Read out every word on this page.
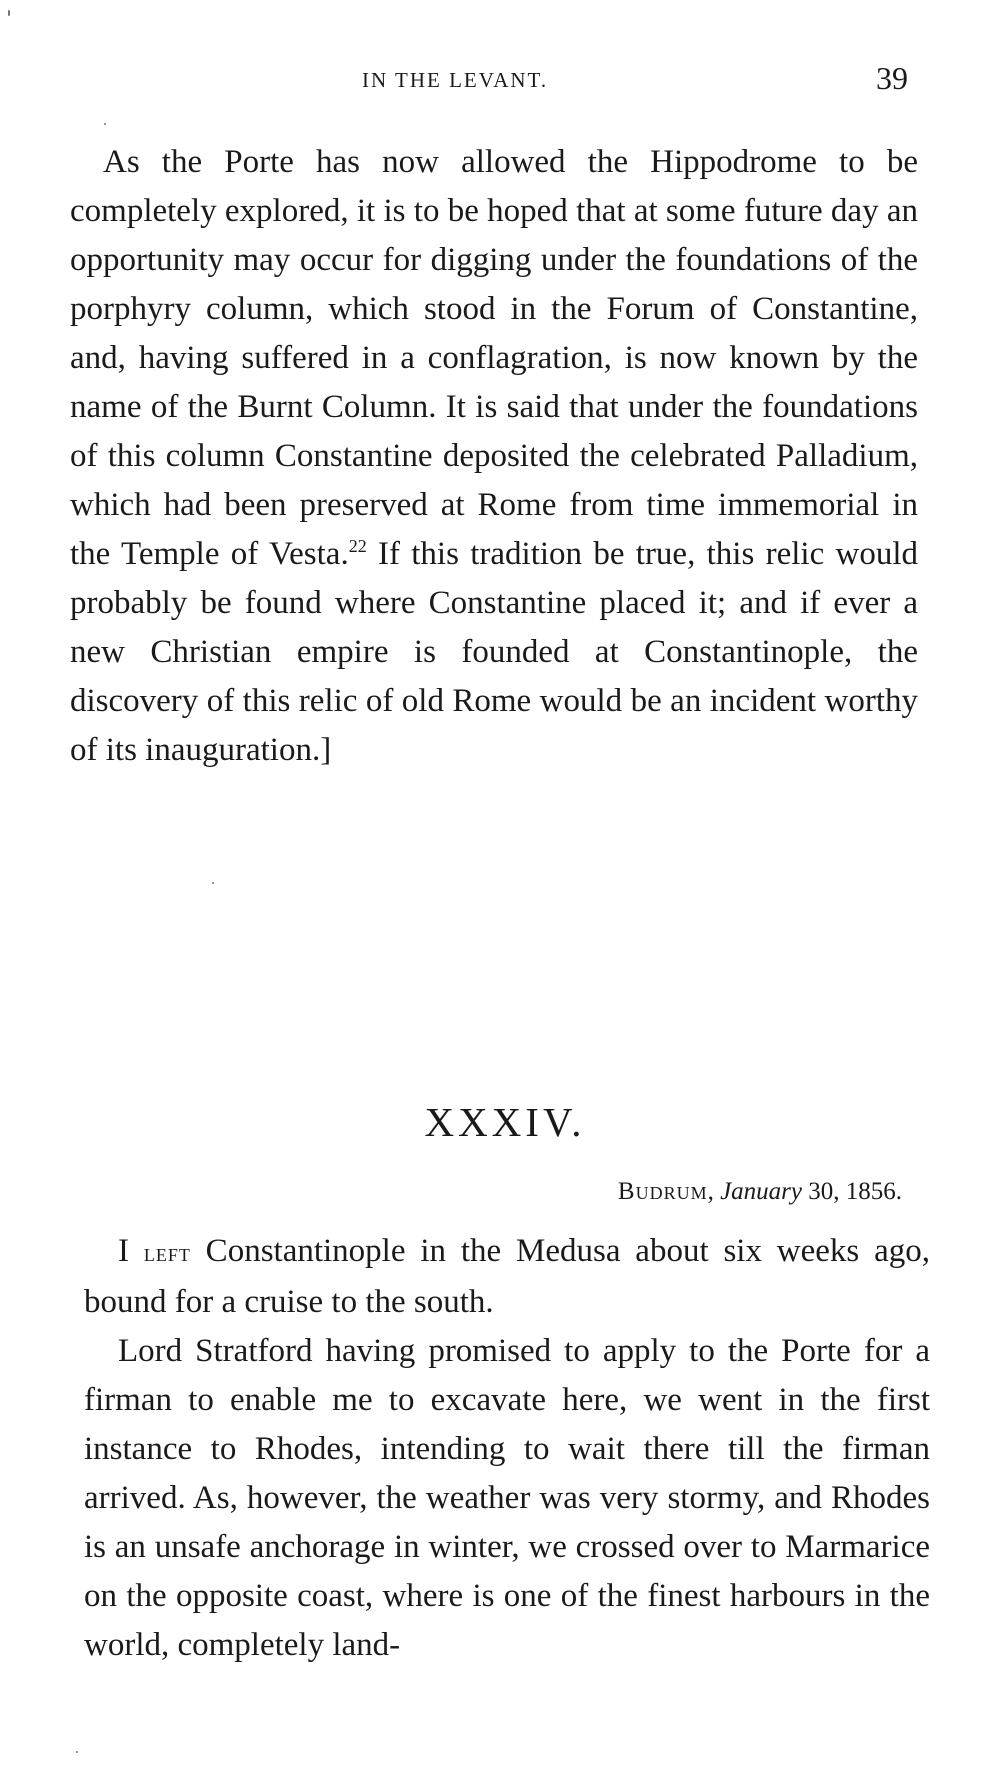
IN THE LEVANT.	39

As the Porte has now allowed the Hippodrome to be completely explored, it is to be hoped that at some future day an opportunity may occur for digging under the foundations of the porphyry column, which stood in the Forum of Constantine, and, having suffered in a conflagration, is now known by the name of the Burnt Column. It is said that under the foundations of this column Constantine deposited the celebrated Palladium, which had been preserved at Rome from time immemorial in the Temple of Vesta.$^{22}$ If this tradition be true, this relic would probably be found where Constantine placed it; and if ever a new Christian empire is founded at Constantinople, the discovery of this relic of old Rome would be an incident worthy of its inauguration.]

XXXIV.
Budrum, January 30, 1856.

I left Constantinople in the Medusa about six weeks ago, bound for a cruise to the south.

Lord Stratford having promised to apply to the Porte for a firman to enable me to excavate here, we went in the first instance to Rhodes, intending to wait there till the firman arrived. As, however, the weather was very stormy, and Rhodes is an unsafe anchorage in winter, we crossed over to Marmarice on the opposite coast, where is one of the finest harbours in the world, completely land-
